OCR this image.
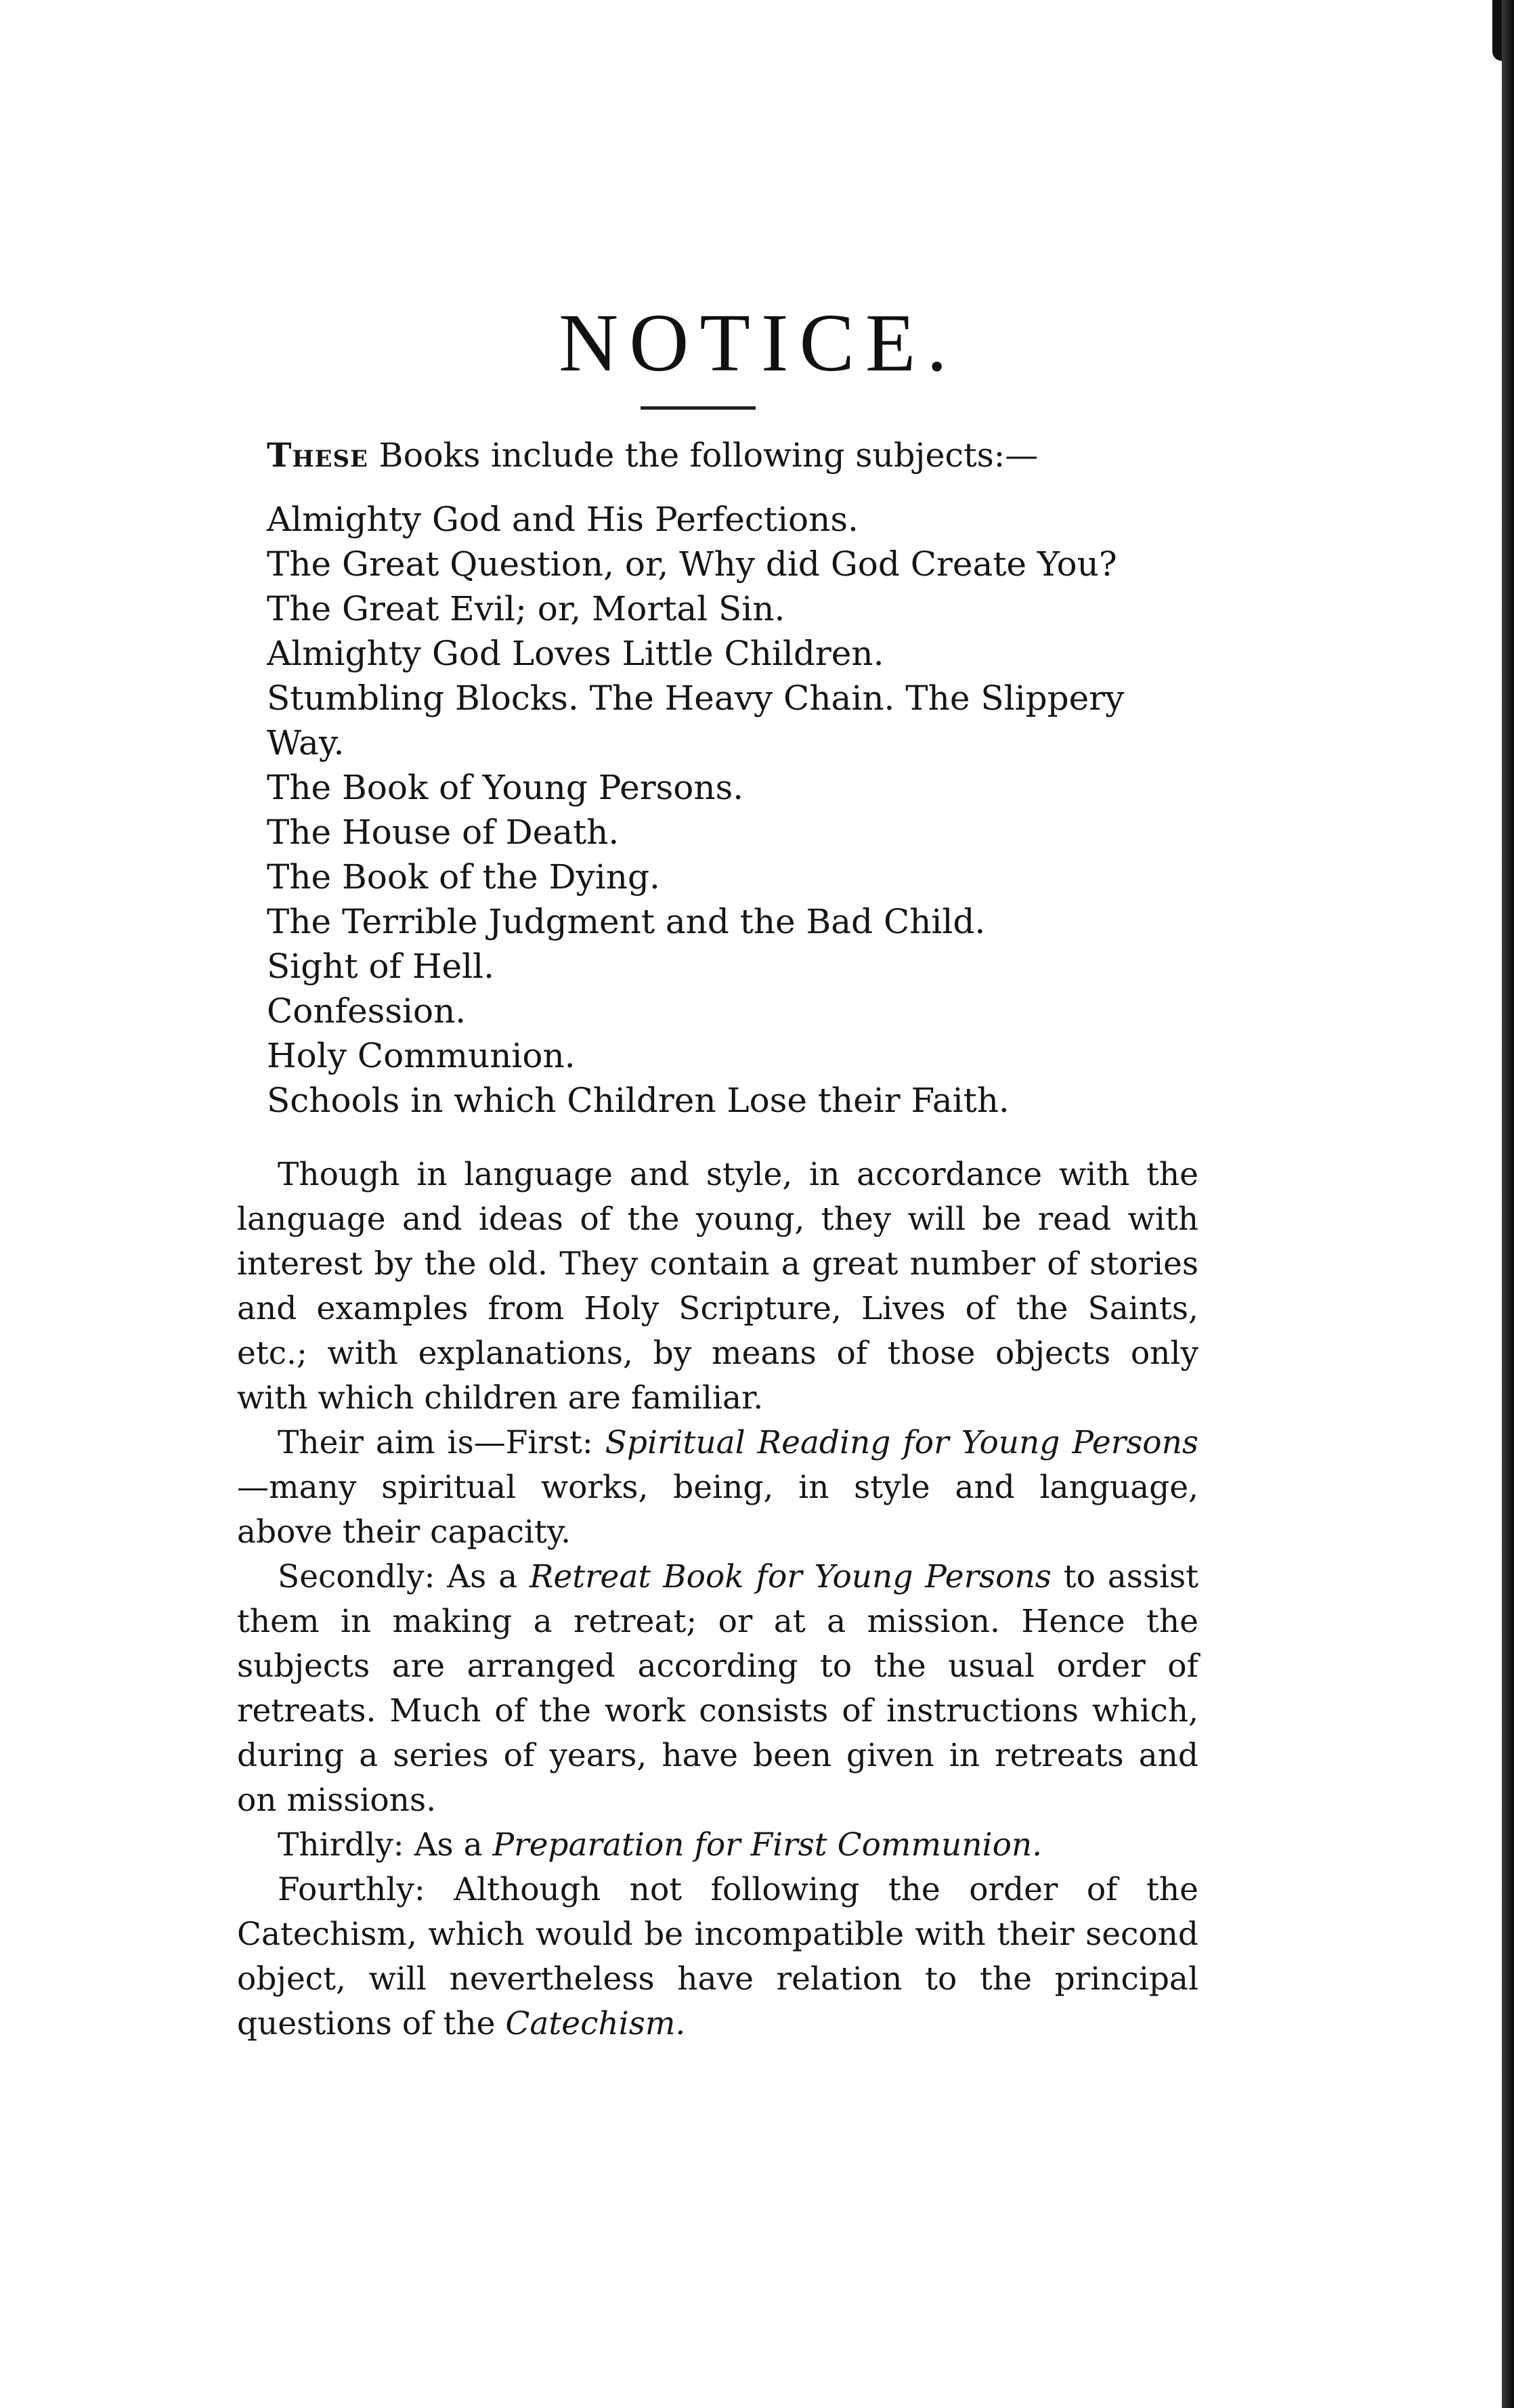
NOTICE.

These Books include the following subjects:—

Almighty God and His Perfections.
The Great Question, or, Why did God Create You?
The Great Evil; or, Mortal Sin.
Almighty God Loves Little Children.
Stumbling Blocks. The Heavy Chain. The Slippery Way.
The Book of Young Persons.
The House of Death.
The Book of the Dying.
The Terrible Judgment and the Bad Child.
Sight of Hell.
Confession.
Holy Communion.
Schools in which Children Lose their Faith.

Though in language and style, in accordance with the language and ideas of the young, they will be read with interest by the old. They contain a great number of stories and examples from Holy Scripture, Lives of the Saints, etc.; with explanations, by means of those objects only with which children are familiar.

Their aim is—First: Spiritual Reading for Young Persons—many spiritual works, being, in style and language, above their capacity.

Secondly: As a Retreat Book for Young Persons to assist them in making a retreat; or at a mission. Hence the subjects are arranged according to the usual order of retreats. Much of the work consists of instructions which, during a series of years, have been given in retreats and on missions.

Thirdly: As a Preparation for First Communion.

Fourthly: Although not following the order of the Catechism, which would be incompatible with their second object, will nevertheless have relation to the principal questions of the Catechism.
